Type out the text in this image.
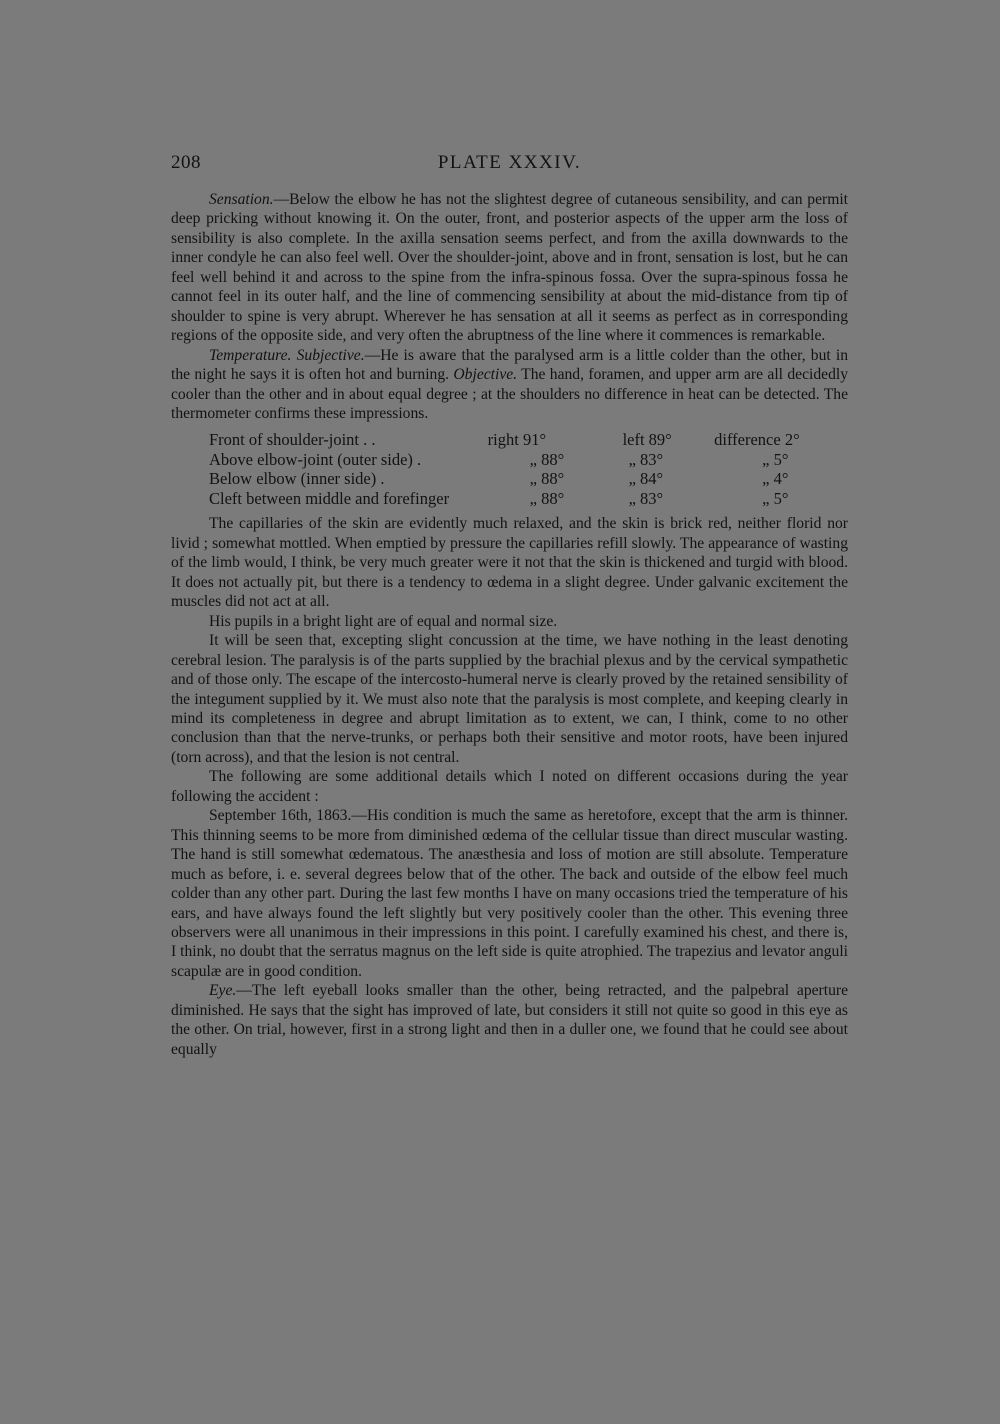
208	PLATE XXXIV.

Sensation.—Below the elbow he has not the slightest degree of cutaneous sensibility, and can permit deep pricking without knowing it. On the outer, front, and posterior aspects of the upper arm the loss of sensibility is also complete. In the axilla sensation seems perfect, and from the axilla downwards to the inner condyle he can also feel well. Over the shoulder-joint, above and in front, sensation is lost, but he can feel well behind it and across to the spine from the infra-spinous fossa. Over the supra-spinous fossa he cannot feel in its outer half, and the line of commencing sensibility at about the mid-distance from tip of shoulder to spine is very abrupt. Wherever he has sensation at all it seems as perfect as in corresponding regions of the opposite side, and very often the abruptness of the line where it commences is remarkable.

Temperature. Subjective.—He is aware that the paralysed arm is a little colder than the other, but in the night he says it is often hot and burning. Objective. The hand, foramen, and upper arm are all decidedly cooler than the other and in about equal degree ; at the shoulders no difference in heat can be detected. The thermometer confirms these impressions.

Front of shoulder-joint . .	right 91°	left 89°	difference 2°
Above elbow-joint (outer side) .	„ 88°	„ 83°	„ 5°
Below elbow (inner side) .	„ 88°	„ 84°	„ 4°
Cleft between middle and forefinger	„ 88°	„ 83°	„ 5°

The capillaries of the skin are evidently much relaxed, and the skin is brick red, neither florid nor livid ; somewhat mottled. When emptied by pressure the capillaries refill slowly. The appearance of wasting of the limb would, I think, be very much greater were it not that the skin is thickened and turgid with blood. It does not actually pit, but there is a tendency to œdema in a slight degree. Under galvanic excitement the muscles did not act at all.

His pupils in a bright light are of equal and normal size.

It will be seen that, excepting slight concussion at the time, we have nothing in the least denoting cerebral lesion. The paralysis is of the parts supplied by the brachial plexus and by the cervical sympathetic and of those only. The escape of the intercosto-humeral nerve is clearly proved by the retained sensibility of the integument supplied by it. We must also note that the paralysis is most complete, and keeping clearly in mind its completeness in degree and abrupt limitation as to extent, we can, I think, come to no other conclusion than that the nerve-trunks, or perhaps both their sensitive and motor roots, have been injured (torn across), and that the lesion is not central.

The following are some additional details which I noted on different occasions during the year following the accident :

September 16th, 1863.—His condition is much the same as heretofore, except that the arm is thinner. This thinning seems to be more from diminished œdema of the cellular tissue than direct muscular wasting. The hand is still somewhat œdematous. The anæsthesia and loss of motion are still absolute. Temperature much as before, i. e. several degrees below that of the other. The back and outside of the elbow feel much colder than any other part. During the last few months I have on many occasions tried the temperature of his ears, and have always found the left slightly but very positively cooler than the other. This evening three observers were all unanimous in their impressions in this point. I carefully examined his chest, and there is, I think, no doubt that the serratus magnus on the left side is quite atrophied. The trapezius and levator anguli scapulæ are in good condition.

Eye.—The left eyeball looks smaller than the other, being retracted, and the palpebral aperture diminished. He says that the sight has improved of late, but considers it still not quite so good in this eye as the other. On trial, however, first in a strong light and then in a duller one, we found that he could see about equally
